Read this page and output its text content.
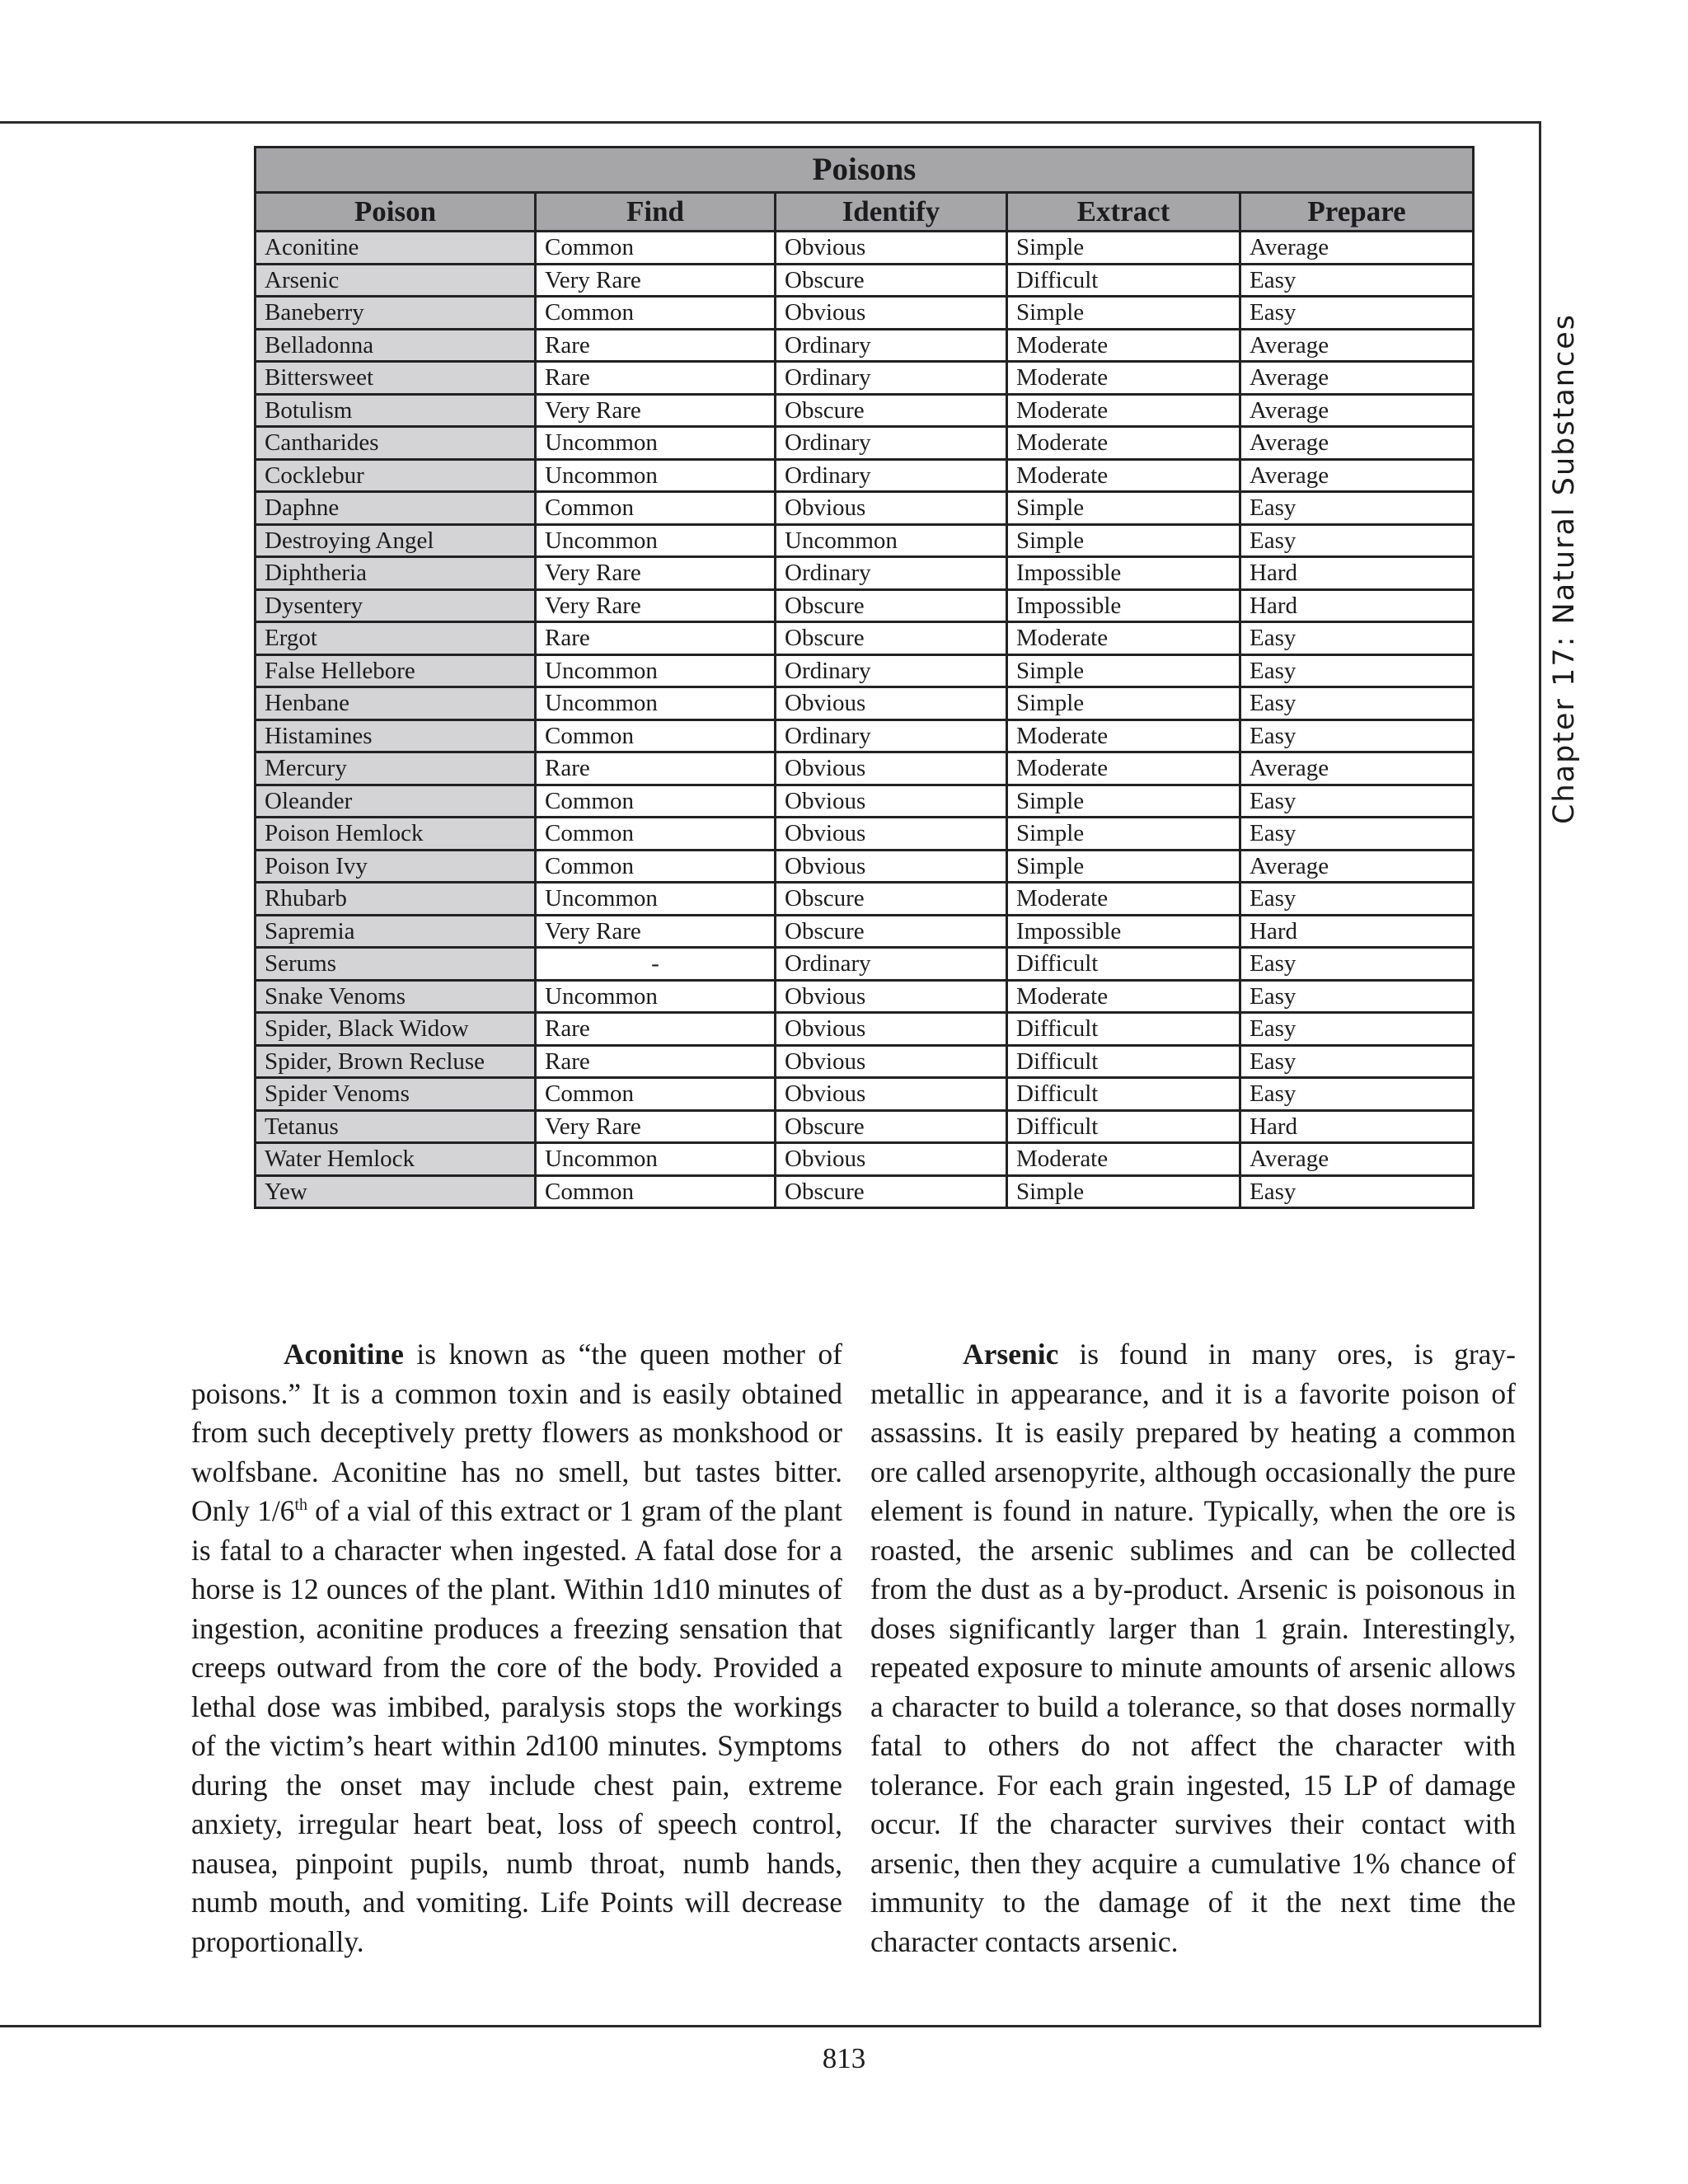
Poisons				
Poison	Find	Identify	Extract	Prepare
Aconitine	Common	Obvious	Simple	Average
Arsenic	Very Rare	Obscure	Difficult	Easy
Baneberry	Common	Obvious	Simple	Easy
Belladonna	Rare	Ordinary	Moderate	Average
Bittersweet	Rare	Ordinary	Moderate	Average
Botulism	Very Rare	Obscure	Moderate	Average
Cantharides	Uncommon	Ordinary	Moderate	Average
Cocklebur	Uncommon	Ordinary	Moderate	Average
Daphne	Common	Obvious	Simple	Easy
Destroying Angel	Uncommon	Uncommon	Simple	Easy
Diphtheria	Very Rare	Ordinary	Impossible	Hard
Dysentery	Very Rare	Obscure	Impossible	Hard
Ergot	Rare	Obscure	Moderate	Easy
False Hellebore	Uncommon	Ordinary	Simple	Easy
Henbane	Uncommon	Obvious	Simple	Easy
Histamines	Common	Ordinary	Moderate	Easy
Mercury	Rare	Obvious	Moderate	Average
Oleander	Common	Obvious	Simple	Easy
Poison Hemlock	Common	Obvious	Simple	Easy
Poison Ivy	Common	Obvious	Simple	Average
Rhubarb	Uncommon	Obscure	Moderate	Easy
Sapremia	Very Rare	Obscure	Impossible	Hard
Serums	-	Ordinary	Difficult	Easy
Snake Venoms	Uncommon	Obvious	Moderate	Easy
Spider, Black Widow	Rare	Obvious	Difficult	Easy
Spider, Brown Recluse	Rare	Obvious	Difficult	Easy
Spider Venoms	Common	Obvious	Difficult	Easy
Tetanus	Very Rare	Obscure	Difficult	Hard
Water Hemlock	Uncommon	Obvious	Moderate	Average
Yew	Common	Obscure	Simple	Easy
Chapter 17: Natural Substances

Aconitine is known as “the queen mother of poisons.” It is a common toxin and is easily obtained from such deceptively pretty flowers as monkshood or wolfsbane. Aconitine has no smell, but tastes bitter. Only 1/6th of a vial of this extract or 1 gram of the plant is fatal to a character when ingested. A fatal dose for a horse is 12 ounces of the plant. Within 1d10 minutes of ingestion, aconitine produces a freezing sensation that creeps outward from the core of the body. Provided a lethal dose was imbibed, paralysis stops the workings of the victim’s heart within 2d100 minutes. Symptoms during the onset may include chest pain, extreme anxiety, irregular heart beat, loss of speech control, nausea, pinpoint pupils, numb throat, numb hands, numb mouth, and vomiting. Life Points will decrease proportionally.

Arsenic is found in many ores, is gray-metallic in appearance, and it is a favorite poison of assassins. It is easily prepared by heating a common ore called arsenopyrite, although occasionally the pure element is found in nature. Typically, when the ore is roasted, the arsenic sublimes and can be collected from the dust as a by-product. Arsenic is poisonous in doses significantly larger than 1 grain. Interestingly, repeated exposure to minute amounts of arsenic allows a character to build a tolerance, so that doses normally fatal to others do not affect the character with tolerance. For each grain ingested, 15 LP of damage occur. If the character survives their contact with arsenic, then they acquire a cumulative 1% chance of immunity to the damage of it the next time the character contacts arsenic.

813
